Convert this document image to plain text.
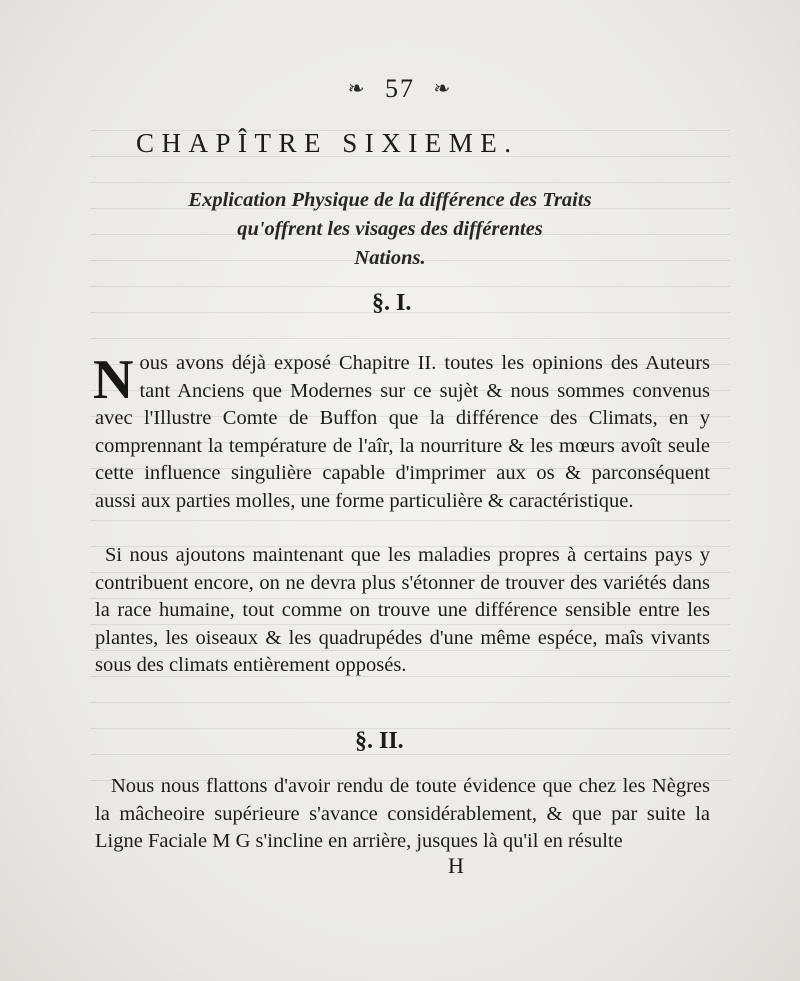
❧ 57 ❧
CHAPÎTRE SIXIEME.
Explication Physique de la différence des Traits
qu'offrent les visages des différentes
Nations.
§. I.
N ous avons déjà exposé Chapitre II. toutes les opinions des Auteurs tant Anciens que Modernes sur ce sujèt & nous sommes convenus avec l'Illustre Comte de Buffon que la différence des Climats, en y comprennant la température de l'aîr, la nourriture & les mœurs avoît seule cette influence singulière capable d'imprimer aux os & parconséquent aussi aux parties molles, une forme particulière & caractéristique.
Si nous ajoutons maintenant que les maladies propres à certains pays y contribuent encore, on ne devra plus s'étonner de trouver des variétés dans la race humaine, tout comme on trouve une différence sensible entre les plantes, les oiseaux & les quadrupédes d'une même espéce, maîs vivants sous des climats entièrement opposés.
§. II.
Nous nous flattons d'avoir rendu de toute évidence que chez les Nègres la mâcheoire supérieure s'avance considérablement, & que par suite la Ligne Faciale M G s'incline en arrière, jusques là qu'il en résulte
H
